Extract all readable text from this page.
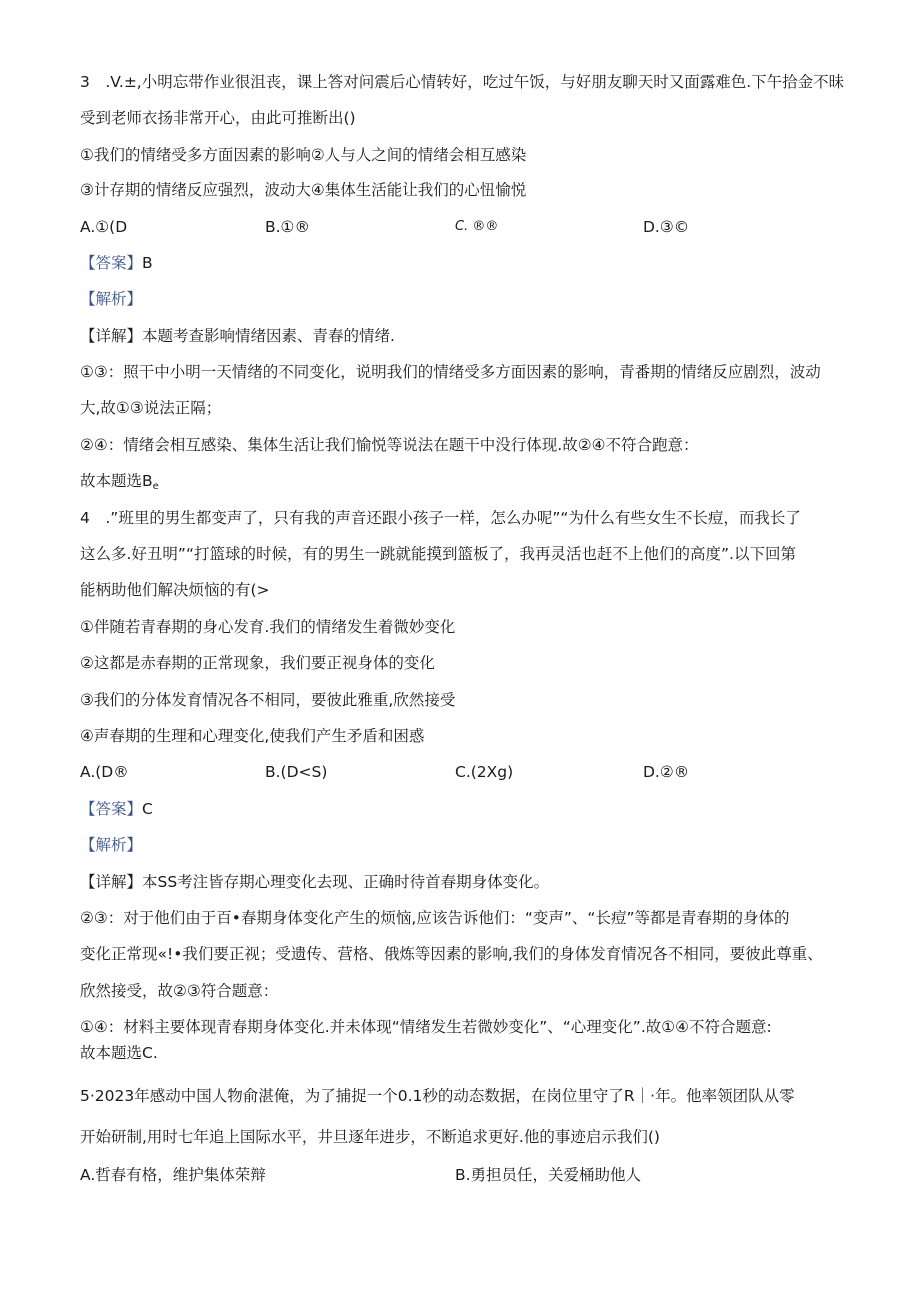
3　.V.±,小明忘带作业很沮丧，课上答对问震后心情转好，吃过午饭，与好朋友聊天时又面露难色.下午拾金不昧
受到老师衣扬非常开心，由此可推断出()
①我们的情绪受多方面因素的影响②人与人之间的情绪会相互感染
③计存期的情绪反应强烈，波动大④集体生活能让我们的心忸愉悦
A.①(D	B.①®	C. ®®	D.③©
【答案】B
【解析】
【详解】本题考查影响情绪因素、青春的情绪.
①③：照干中小明一天情绪的不同变化，说明我们的情绪受多方面因素的影响，青番期的情绪反应剧烈，波动
大,故①③说法正隔；
②④：情绪会相互感染、集体生活让我们愉悦等说法在题干中没行体现.故②④不符合跑意：
故本题选$B_e$
4　.”班里的男生都变声了，只有我的声音还跟小孩子一样，怎么办呢”“为什么有些女生不长痘，而我长了
这么多.好丑明”“打篮球的时候，有的男生一跳就能摸到篮板了，我再灵活也赶不上他们的高度”.以下回第
能柄助他们解决烦恼的有(>
①伴随若青春期的身心发育.我们的情绪发生着微妙变化
②这都是赤春期的正常现象，我们要正视身体的变化
③我们的分体发育情况各不相同，要彼此雅重,欣然接受
④声春期的生理和心理变化,使我们产生矛盾和困惑
A.(D®	B.(D<S)	C.(2Xg)	D.②®
【答案】C
【解析】
【详解】本SS考注皆存期心理变化去现、正确时待首春期身体变化。
②③：对于他们由于百•春期身体变化产生的烦恼,应该告诉他们：“变声”、“长痘”等都是青春期的身体的
变化正常现«!•我们要正视；受遗传、营格、俄炼等因素的影响,我们的身体发育情况各不相同，要彼此尊重、
欣然接受，故②③符合题意：
①④：材料主要体现青春期身体变化.并未体现“情绪发生若微妙变化”、“心理变化”.故①④不符合题意:
故本题选C.
5·2023年感动中国人物俞湛俺，为了捕捉一个0.1秒的动态数据，在岗位里守了R｜·年。他率领团队从零
开始研制,用时七年追上国际水平，井旦逐年进步，不断追求更好.他的事迹启示我们()
A.哲春有格，维护集体荣辩	B.勇担员任，关爱桶助他人
